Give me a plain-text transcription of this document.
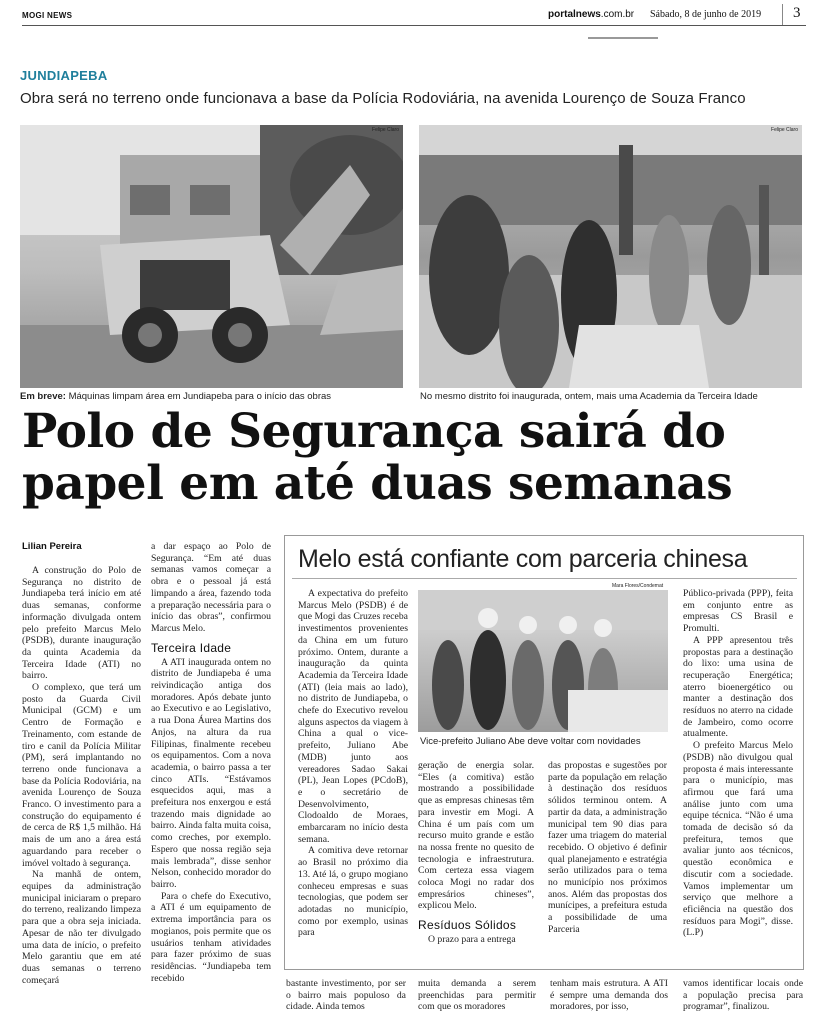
MOGI NEWS	portalnews.com.br Sábado, 8 de junho de 2019 3
JUNDIAPEBA
Obra será no terreno onde funcionava a base da Polícia Rodoviária, na avenida Lourenço de Souza Franco
Felipe Claro	Felipe Claro
Em breve: Máquinas limpam área em Jundiapeba para o início das obras	No mesmo distrito foi inaugurada, ontem, mais uma Academia da Terceira Idade
Polo de Segurança sairá do papel em até duas semanas
Lilian Pereira

A construção do Polo de Segurança no distrito de Jundiapeba terá início em até duas semanas, conforme informação divulgada ontem pelo prefeito Marcus Melo (PSDB), durante inauguração da quinta Academia da Terceira Idade (ATI) no bairro.

O complexo, que terá um posto da Guarda Civil Municipal (GCM) e um Centro de Formação e Treinamento, com estande de tiro e canil da Polícia Militar (PM), será implantando no terreno onde funcionava a base da Polícia Rodoviária, na avenida Lourenço de Souza Franco. O investimento para a construção do equipamento é de cerca de R$ 1,5 milhão. Há mais de um ano a área está aguardando para receber o imóvel voltado à segurança.

Na manhã de ontem, equipes da administração municipal iniciaram o preparo do terreno, realizando limpeza para que a obra seja iniciada. Apesar de não ter divulgado uma data de início, o prefeito Melo garantiu que em até duas semanas o terreno começará

a dar espaço ao Polo de Segurança. “Em até duas semanas vamos começar a obra e o pessoal já está limpando a área, fazendo toda a preparação necessária para o início das obras”, confirmou Marcus Melo.

Terceira Idade

A ATI inaugurada ontem no distrito de Jundiapeba é uma reivindicação antiga dos moradores. Após debate junto ao Executivo e ao Legislativo, a rua Dona Áurea Martins dos Anjos, na altura da rua Filipinas, finalmente recebeu os equipamentos. Com a nova academia, o bairro passa a ter cinco ATIs. “Estávamos esquecidos aqui, mas a prefeitura nos enxergou e está trazendo mais dignidade ao bairro. Ainda falta muita coisa, como creches, por exemplo. Espero que nossa região seja mais lembrada”, disse senhor Nelson, conhecido morador do bairro.

Para o chefe do Executivo, a ATI é um equipamento de extrema importância para os mogianos, pois permite que os usuários tenham atividades para fazer próximo de suas residências. “Jundiapeba tem recebido

Melo está confiante com parceria chinesa

A expectativa do prefeito Marcus Melo (PSDB) é de que Mogi das Cruzes receba investimentos provenientes da China em um futuro próximo. Ontem, durante a inauguração da quinta Academia da Terceira Idade (ATI) (leia mais ao lado), no distrito de Jundiapeba, o chefe do Executivo revelou alguns aspectos da viagem à China a qual o vice-prefeito, Juliano Abe (MDB) junto aos vereadores Sadao Sakai (PL), Jean Lopes (PCdoB), e o secretário de Desenvolvimento, Clodoaldo de Moraes, embarcaram no início desta semana.

A comitiva deve retornar ao Brasil no próximo dia 13. Até lá, o grupo mogiano conheceu empresas e suas tecnologias, que podem ser adotadas no município, como por exemplo, usinas para

Mara Flores/Condemat
Vice-prefeito Juliano Abe deve voltar com novidades

geração de energia solar. “Eles (a comitiva) estão mostrando a possibilidade que as empresas chinesas têm para investir em Mogi. A China é um país com um recurso muito grande e estão na nossa frente no quesito de tecnologia e infraestrutura. Com certeza essa viagem coloca Mogi no radar dos empresários chineses”, explicou Melo.

Resíduos Sólidos

O prazo para a entrega

das propostas e sugestões por parte da população em relação à destinação dos resíduos sólidos terminou ontem. A partir da data, a administração municipal tem 90 dias para fazer uma triagem do material recebido. O objetivo é definir qual planejamento e estratégia serão utilizados para o tema no município nos próximos anos. Além das propostas dos munícipes, a prefeitura estuda a possibilidade de uma Parceria

Público-privada (PPP), feita em conjunto entre as empresas CS Brasil e Promulti.

A PPP apresentou três propostas para a destinação do lixo: uma usina de recuperação Energética; aterro bioenergético ou manter a destinação dos resíduos no aterro na cidade de Jambeiro, como ocorre atualmente.

O prefeito Marcus Melo (PSDB) não divulgou qual proposta é mais interessante para o município, mas afirmou que fará uma análise junto com uma equipe técnica. “Não é uma tomada de decisão só da prefeitura, temos que avaliar junto aos técnicos, questão econômica e discutir com a sociedade. Vamos implementar um serviço que melhore a eficiência na questão dos resíduos para Mogi”, disse. (L.P)

bastante investimento, por ser o bairro mais populoso da cidade. Ainda temos
muita demanda a serem preenchidas para permitir com que os moradores
tenham mais estrutura. A ATI é sempre uma demanda dos moradores, por isso,
vamos identificar locais onde a população precisa para programar”, finalizou.
